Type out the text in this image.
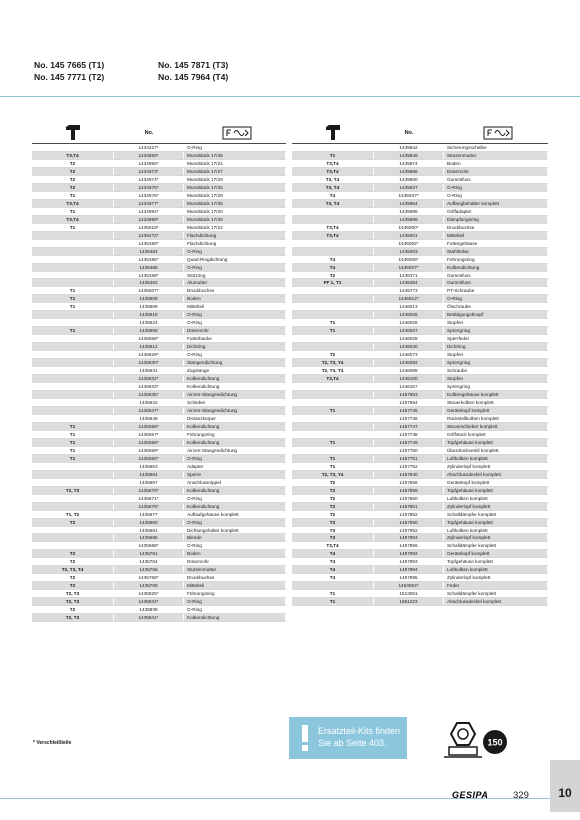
No. 145 7665 (T1)
No. 145 7771 (T2)
No. 145 7871 (T3)
No. 145 7964 (T4)
No.
1434227*	O-Ring
T3,T4	1434860*	Mundstück 17/45
T2	1434955*	Mundstück 17/24
T2	1434973*	Mundstück 17/27
T2	1434974*	Mundstück 17/29
T2	1434975*	Mundstück 17/32
T1	1434976*	Mundstück 17/28
T3,T4	1434977*	Mundstück 17/36
T1	1434994*	Mundstück 17/20
T3,T4	1434999*	Mundstück 17/40
T1	1435018*	Mundstück 17/22
1435472*	Flachdichtung
1435480*	Flachdichtung
1435484	O-Ring
1435485*	Quad-Ringdichtung
1435486	O-Ring
1435488*	Stützring
1435492	Alumutter
T1	1435507*	Druckbuchse
T1	1435508	Boden
T1	1435509	Mittelteil
1435519	O-Ring
1435524	O-Ring
T1	1435558	Düsenrohr
1435568*	Futterbacke
1435612	Dichtring
1435629*	O-Ring
1435630*	Stangendichtung
1435631	Zugstange
1435632*	Kolbendichtung
1435633*	Kolbendichtung
1435635*	Airzen-Stangendichtung
1435642	Schieber
1435647*	Airzen-Stangendichtung
1435648	Distanzkörper
T1	1435656*	Kolbendichtung
T1	1435657*	Führungsring
T1	1435658*	Kolbendichtung
T1	1435659*	Airzen-Stangendichtung
T1	1435660*	O-Ring
1435663	Adapter
1435664	Sperre
1435667	Anschlussnippel
T2, T3	1435670*	Kolbendichtung
1435671*	O-Ring
1435675*	Kolbendichtung
T1, T2	1435677	Auflaufgehäuse komplett
T2	1435680	O-Ring
1435681	Dichtungshalter komplett
1435686	Blende
1435688*	O-Ring
T2	1435761	Boden
T2	1435764	Düsenrohr
T2, T3, T4	1435766	Stutzenmutter
T2	1435768*	Druckbuchse
T2	1435769	Mittelteil
T2, T3	1435825*	Führungsring
T2, T3	1435834*	O-Ring
T2	1435839	O-Ring
T2, T3	1435841*	Kolbendichtung
No.
1435842	Sicherungsscheibe
T1	1435849	Stutzenmutter
T3,T4	1435874	Boden
T3,T4	1435886	Düsenrohr
T3, T4	1435900	Gummifuss
T3, T4	1435927	O-Ring
T4	1435937*	O-Ring
T3, T4	1435964	Auffangbehälter komplett
1435998	Griffadapter
1435999	Dämpfungsring
T3,T4	1436000*	Druckbuchse
T3,T4	1436001	Mittelteil
1436002*	Futtergehäuse
1436003	Stahlhülse
T4	1436006*	Führungsring
T4	1436007*	Kolbendichtung
T2	1436371	Gummifuss
FF 1, T1	1436394	Gummifuss
1445773	PT-Schraube
1446012*	O-Ring
1446013	Ölschraube
1446025	Betätigungsknopf
T1	1446026	Stopfen
T1	1446027	Sprengring
1446028	Sperrfeder
1446030	Dichtring
T2	1446073	Stopfen
T2, T3, T4	1446082	Sprengring
T2, T3, T4	1446089	Schraube
T3,T4	1446100	Stopfen
1446167	Sprengring
1457693	Kolbengehäuse komplett
1457694	Steuerkolben komplett
T1	1457745	Gerätekopf komplett
1457746	Rückstellkolben komplett
1457747	Steuerschieber komplett
1457748	Griffstück komplett
T1	1457749	Topfgehäuse komplett
1457750	Überdruckventil komplett
T1	1457751	Luftkolben komplett
T1	1457752	Zylinderlopf komplett
T2, T3, T4	1457840	Abschlussdeckel komplett
T2	1457856	Gerätekopf komplett
T2	1457859	Topfgehäuse komplett
T2	1457860	Luftkolben komplett
T2	1457861	Zylinderlopf komplett
T2	1457862	Schalldämpfer komplett
T3	1457950	Topfgehäuse komplett
T3	1457952	Luftkolben komplett
T3	1457953	Zylinderlopf komplett
T3,T4	1457956	Schalldämpfer komplett
T4	1457992	Gerätekopf komplett
T4	1457993	Topfgehäuse komplett
T4	1457994	Luftkolben komplett
T4	1457995	Zylinderlopf komplett
1463064*	Feder
T1	1513051	Schalldämpfer komplett
T1	1651223	Abschlussdeckel komplett
* Verschleißteile
Ersatzteil-Kits finden
Sie ab Seite 403.	150
GESIPA	329	10
